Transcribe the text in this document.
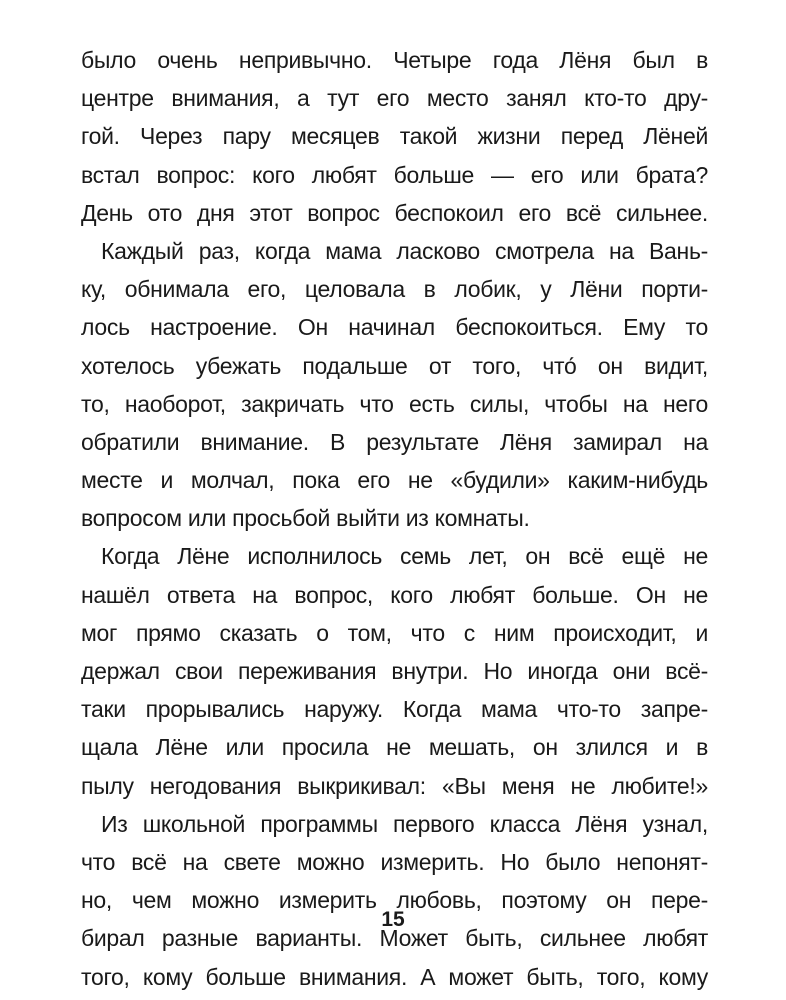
было очень непривычно. Четыре года Лёня был в
центре внимания, а тут его место занял кто-то дру-
гой. Через пару месяцев такой жизни перед Лёней
встал вопрос: кого любят больше — его или брата?
День ото дня этот вопрос беспокоил его всё сильнее.
Каждый раз, когда мама ласково смотрела на Вань-
ку, обнимала его, целовала в лобик, у Лёни порти-
лось настроение. Он начинал беспокоиться. Ему то
хотелось убежать подальше от того, что́ он видит,
то, наоборот, закричать что есть силы, чтобы на него
обратили внимание. В результате Лёня замирал на
месте и молчал, пока его не «будили» каким-нибудь
вопросом или просьбой выйти из комнаты.
Когда Лёне исполнилось семь лет, он всё ещё не
нашёл ответа на вопрос, кого любят больше. Он не
мог прямо сказать о том, что с ним происходит, и
держал свои переживания внутри. Но иногда они всё-
таки прорывались наружу. Когда мама что-то запре-
щала Лёне или просила не мешать, он злился и в
пылу негодования выкрикивал: «Вы меня не любите!»
Из школьной программы первого класса Лёня узнал,
что всё на свете можно измерить. Но было непонят-
но, чем можно измерить любовь, поэтому он пере-
бирал разные варианты. Может быть, сильнее любят
того, кому больше внимания. А может быть, того, кому
15
